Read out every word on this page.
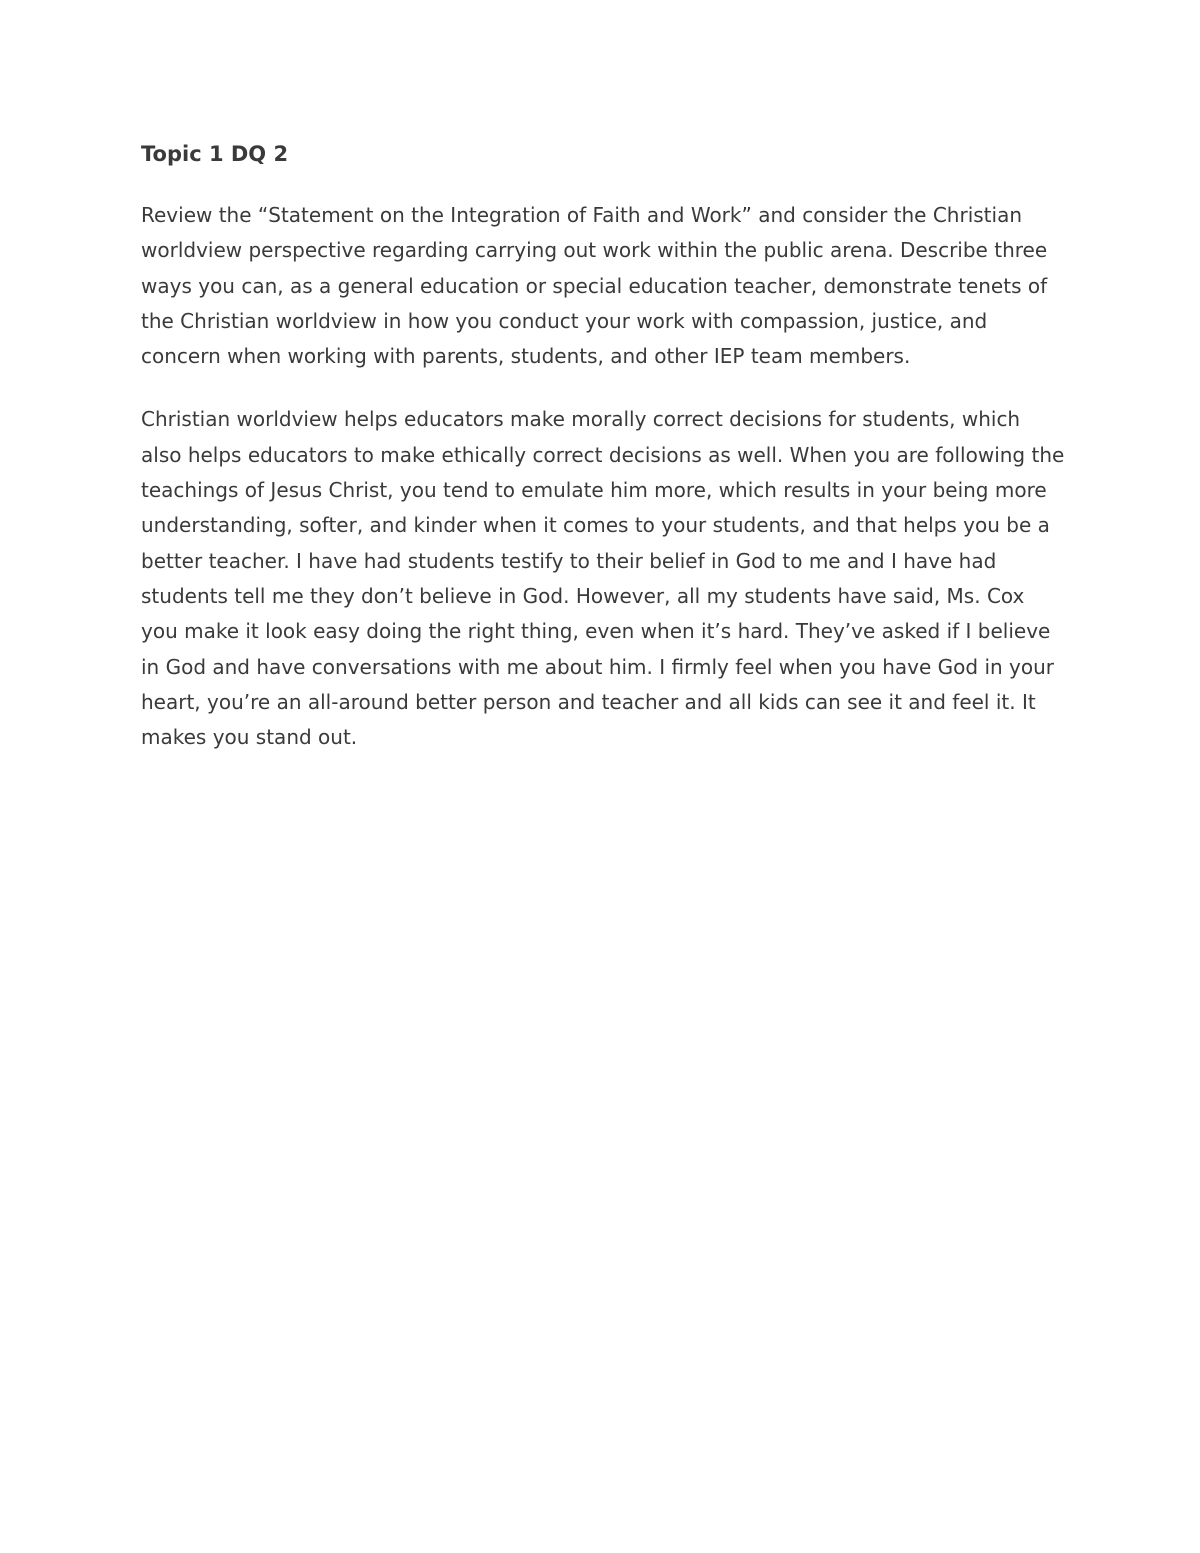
Topic 1 DQ 2

Review the “Statement on the Integration of Faith and Work” and consider the Christian worldview perspective regarding carrying out work within the public arena. Describe three ways you can, as a general education or special education teacher, demonstrate tenets of the Christian worldview in how you conduct your work with compassion, justice, and concern when working with parents, students, and other IEP team members.

Christian worldview helps educators make morally correct decisions for students, which also helps educators to make ethically correct decisions as well. When you are following the teachings of Jesus Christ, you tend to emulate him more, which results in your being more understanding, softer, and kinder when it comes to your students, and that helps you be a better teacher. I have had students testify to their belief in God to me and I have had students tell me they don’t believe in God. However, all my students have said, Ms. Cox you make it look easy doing the right thing, even when it’s hard. They’ve asked if I believe in God and have conversations with me about him. I firmly feel when you have God in your heart, you’re an all-around better person and teacher and all kids can see it and feel it. It makes you stand out.
